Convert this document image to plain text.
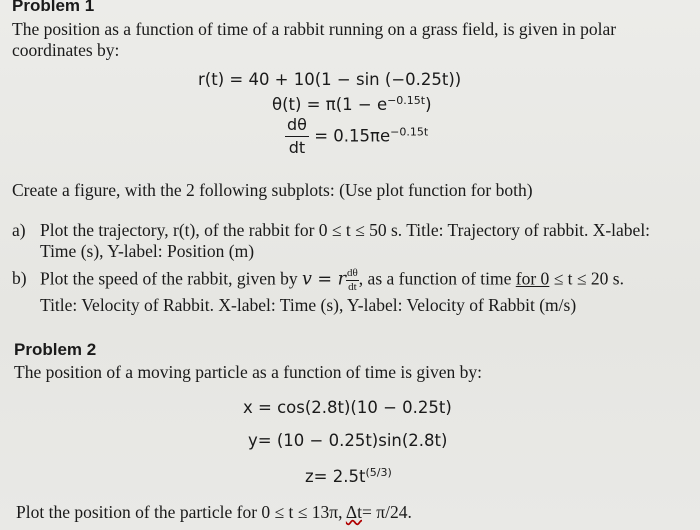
Problem 1
The position as a function of time of a rabbit running on a grass field, is given in polar
coordinates by:
r(t) = 40 + 10(1 − sin (−0.25t))
$\theta(t) = \pi(1 - e^{-0.15t})$
$\frac{d\theta}{dt} = 0.15\pi e^{-0.15t}$
Create a figure, with the 2 following subplots: (Use plot function for both)
a) Plot the trajectory, r(t), of the rabbit for 0 ≤ t ≤ 50 s. Title: Trajectory of rabbit. X-label:
Time (s), Y-label: Position (m)
b) Plot the speed of the rabbit, given by v = r $\frac{d\theta}{dt}$ , as a function of time for 0 ≤ t ≤ 20 s.
Title: Velocity of Rabbit. X-label: Time (s), Y-label: Velocity of Rabbit (m/s)
Problem 2
The position of a moving particle as a function of time is given by:
x = cos(2.8t)(10 − 0.25t)
y= (10 − 0.25t)sin(2.8t)
$z= 2.5t^{(5/3)}$
Plot the position of the particle for 0 ≤ t ≤ 13π, Δt= π/24.
